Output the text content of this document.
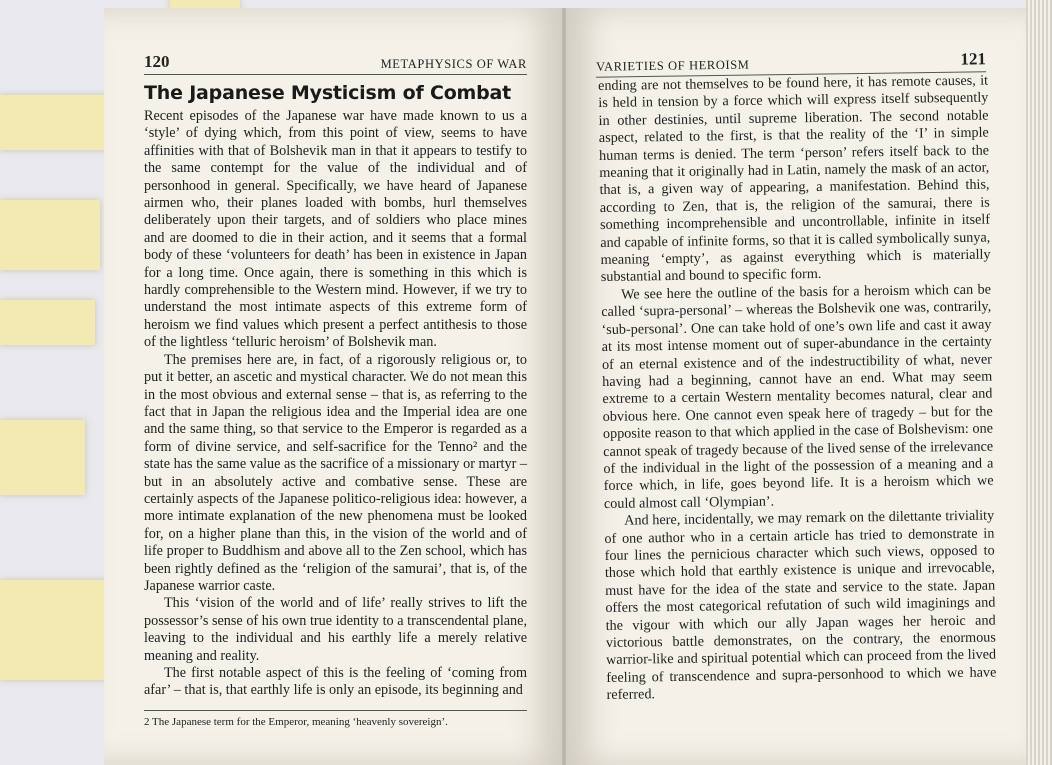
120	METAPHYSICS OF WAR
The Japanese Mysticism of Combat

Recent episodes of the Japanese war have made known to us a ‘style’ of dying which, from this point of view, seems to have affinities with that of Bolshevik man in that it appears to testify to the same contempt for the value of the individual and of personhood in general. Specifically, we have heard of Japanese airmen who, their planes loaded with bombs, hurl themselves deliberately upon their targets, and of soldiers who place mines and are doomed to die in their action, and it seems that a formal body of these ‘volunteers for death’ has been in existence in Japan for a long time. Once again, there is something in this which is hardly comprehensible to the Western mind. However, if we try to understand the most intimate aspects of this extreme form of heroism we find values which present a perfect antithesis to those of the lightless ‘telluric heroism’ of Bolshevik man.

The premises here are, in fact, of a rigorously religious or, to put it better, an ascetic and mystical character. We do not mean this in the most obvious and external sense – that is, as referring to the fact that in Japan the religious idea and the Imperial idea are one and the same thing, so that service to the Emperor is regarded as a form of divine service, and self-sacrifice for the Tenno² and the state has the same value as the sacrifice of a missionary or martyr – but in an absolutely active and combative sense. These are certainly aspects of the Japanese politico-religious idea: however, a more intimate explanation of the new phenomena must be looked for, on a higher plane than this, in the vision of the world and of life proper to Buddhism and above all to the Zen school, which has been rightly defined as the ‘religion of the samurai’, that is, of the Japanese warrior caste.

This ‘vision of the world and of life’ really strives to lift the possessor’s sense of his own true identity to a transcendental plane, leaving to the individual and his earthly life a merely relative meaning and reality.

The first notable aspect of this is the feeling of ‘coming from afar’ – that is, that earthly life is only an episode, its beginning and

2 The Japanese term for the Emperor, meaning ‘heavenly sovereign’.
VARIETIES OF HEROISM	121

ending are not themselves to be found here, it has remote causes, it is held in tension by a force which will express itself subsequently in other destinies, until supreme liberation. The second notable aspect, related to the first, is that the reality of the ‘I’ in simple human terms is denied. The term ‘person’ refers itself back to the meaning that it originally had in Latin, namely the mask of an actor, that is, a given way of appearing, a manifestation. Behind this, according to Zen, that is, the religion of the samurai, there is something incomprehensible and uncontrollable, infinite in itself and capable of infinite forms, so that it is called symbolically sunya, meaning ‘empty’, as against everything which is materially substantial and bound to specific form.

We see here the outline of the basis for a heroism which can be called ‘supra-personal’ – whereas the Bolshevik one was, contrarily, ‘sub-personal’. One can take hold of one’s own life and cast it away at its most intense moment out of super-abundance in the certainty of an eternal existence and of the indestructibility of what, never having had a beginning, cannot have an end. What may seem extreme to a certain Western mentality becomes natural, clear and obvious here. One cannot even speak here of tragedy – but for the opposite reason to that which applied in the case of Bolshevism: one cannot speak of tragedy because of the lived sense of the irrelevance of the individual in the light of the possession of a meaning and a force which, in life, goes beyond life. It is a heroism which we could almost call ‘Olympian’.

And here, incidentally, we may remark on the dilettante triviality of one author who in a certain article has tried to demonstrate in four lines the pernicious character which such views, opposed to those which hold that earthly existence is unique and irrevocable, must have for the idea of the state and service to the state. Japan offers the most categorical refutation of such wild imaginings and the vigour with which our ally Japan wages her heroic and victorious battle demonstrates, on the contrary, the enormous warrior-like and spiritual potential which can proceed from the lived feeling of transcendence and supra-personhood to which we have referred.
